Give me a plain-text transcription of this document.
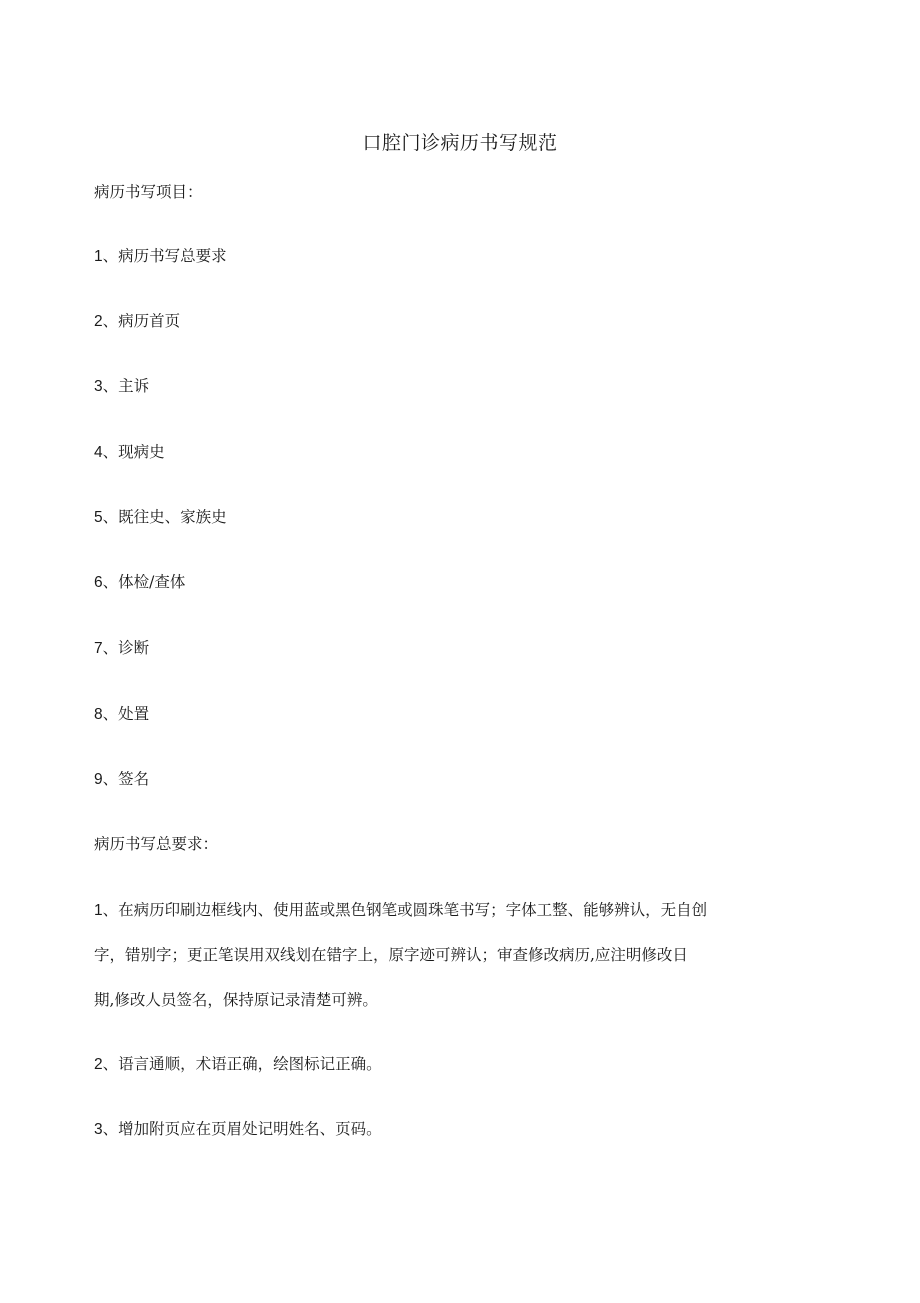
口腔门诊病历书写规范
病历书写项目：
1、病历书写总要求
2、病历首页
3、主诉
4、现病史
5、既往史、家族史
6、体检/查体
7、诊断
8、处置
9、签名
病历书写总要求：
1、在病历印刷边框线内、使用蓝或黑色钢笔或圆珠笔书写；字体工整、能够辨认，无自创
字，错别字；更正笔误用双线划在错字上，原字迹可辨认；审查修改病历,应注明修改日
期,修改人员签名，保持原记录清楚可辨。
2、语言通顺，术语正确，绘图标记正确。
3、增加附页应在页眉处记明姓名、页码。
